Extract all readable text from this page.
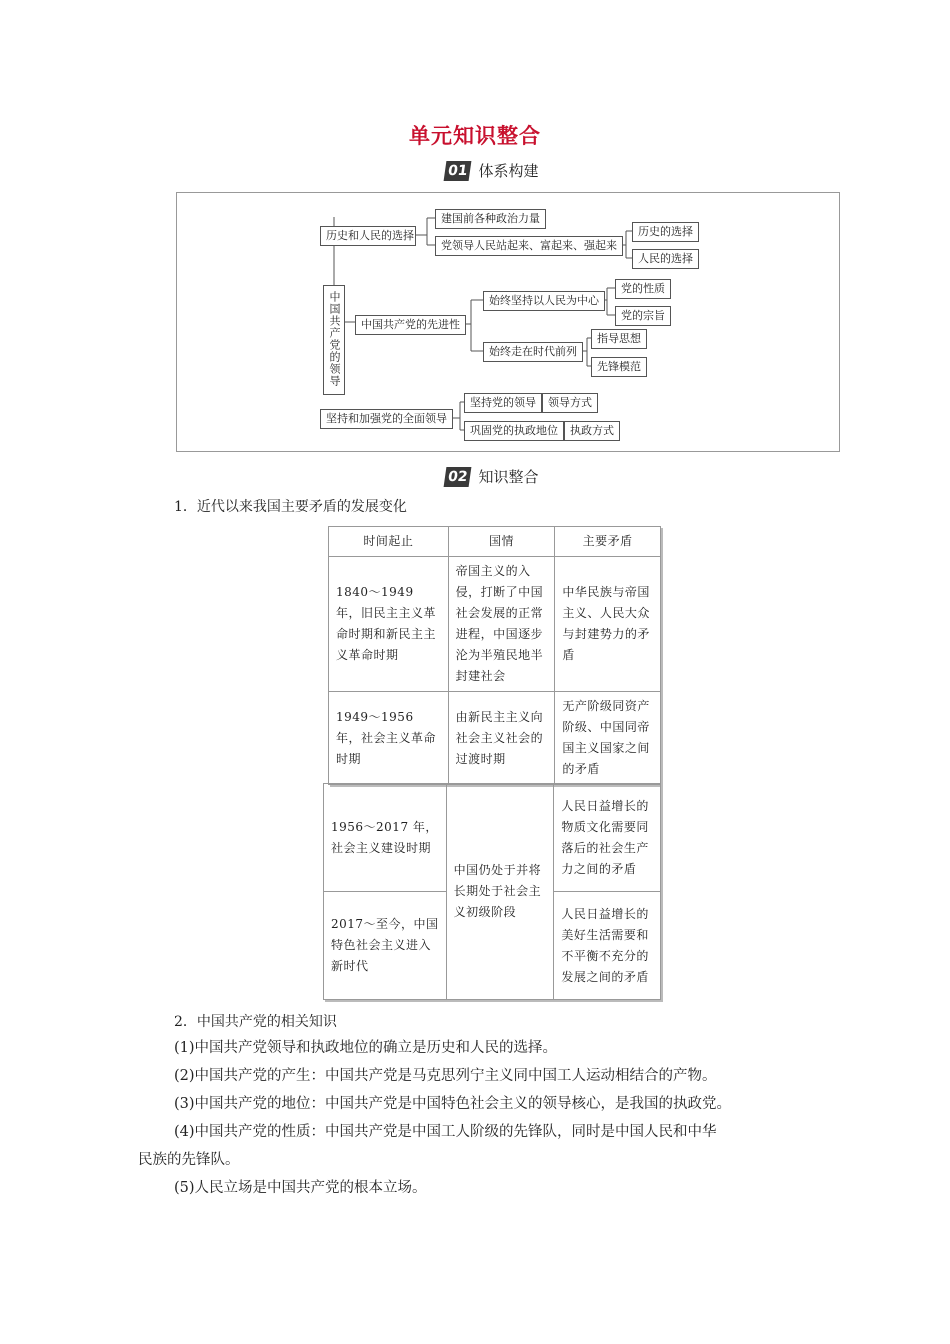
单元知识整合
01 体系构建
历史和人民的选择
建国前各种政治力量
党领导人民站起来、富起来、强起来
历史的选择
人民的选择
中国共产党的领导	中国共产党的先进性
始终坚持以人民为中心
党的性质
党的宗旨
始终走在时代前列
指导思想
先锋模范
坚持和加强党的全面领导
坚持党的领导	领导方式
巩固党的执政地位	执政方式
02 知识整合
1．近代以来我国主要矛盾的发展变化
时间起止	国情	主要矛盾
1840～1949 年，旧民主主义革命时期和新民主主义革命时期	帝国主义的入侵，打断了中国社会发展的正常进程，中国逐步沦为半殖民地半封建社会	中华民族与帝国主义、人民大众与封建势力的矛盾
1949～1956 年，社会主义革命时期	由新民主主义向社会主义社会的过渡时期	无产阶级同资产阶级、中国同帝国主义国家之间的矛盾
1956～2017 年，社会主义建设时期	中国仍处于并将长期处于社会主义初级阶段	人民日益增长的物质文化需要同落后的社会生产力之间的矛盾
2017～至今，中国特色社会主义进入新时代		人民日益增长的美好生活需要和不平衡不充分的发展之间的矛盾
2．中国共产党的相关知识
(1)中国共产党领导和执政地位的确立是历史和人民的选择。
(2)中国共产党的产生：中国共产党是马克思列宁主义同中国工人运动相结合的产物。
(3)中国共产党的地位：中国共产党是中国特色社会主义的领导核心，是我国的执政党。
(4)中国共产党的性质：中国共产党是中国工人阶级的先锋队，同时是中国人民和中华
民族的先锋队。
(5)人民立场是中国共产党的根本立场。
